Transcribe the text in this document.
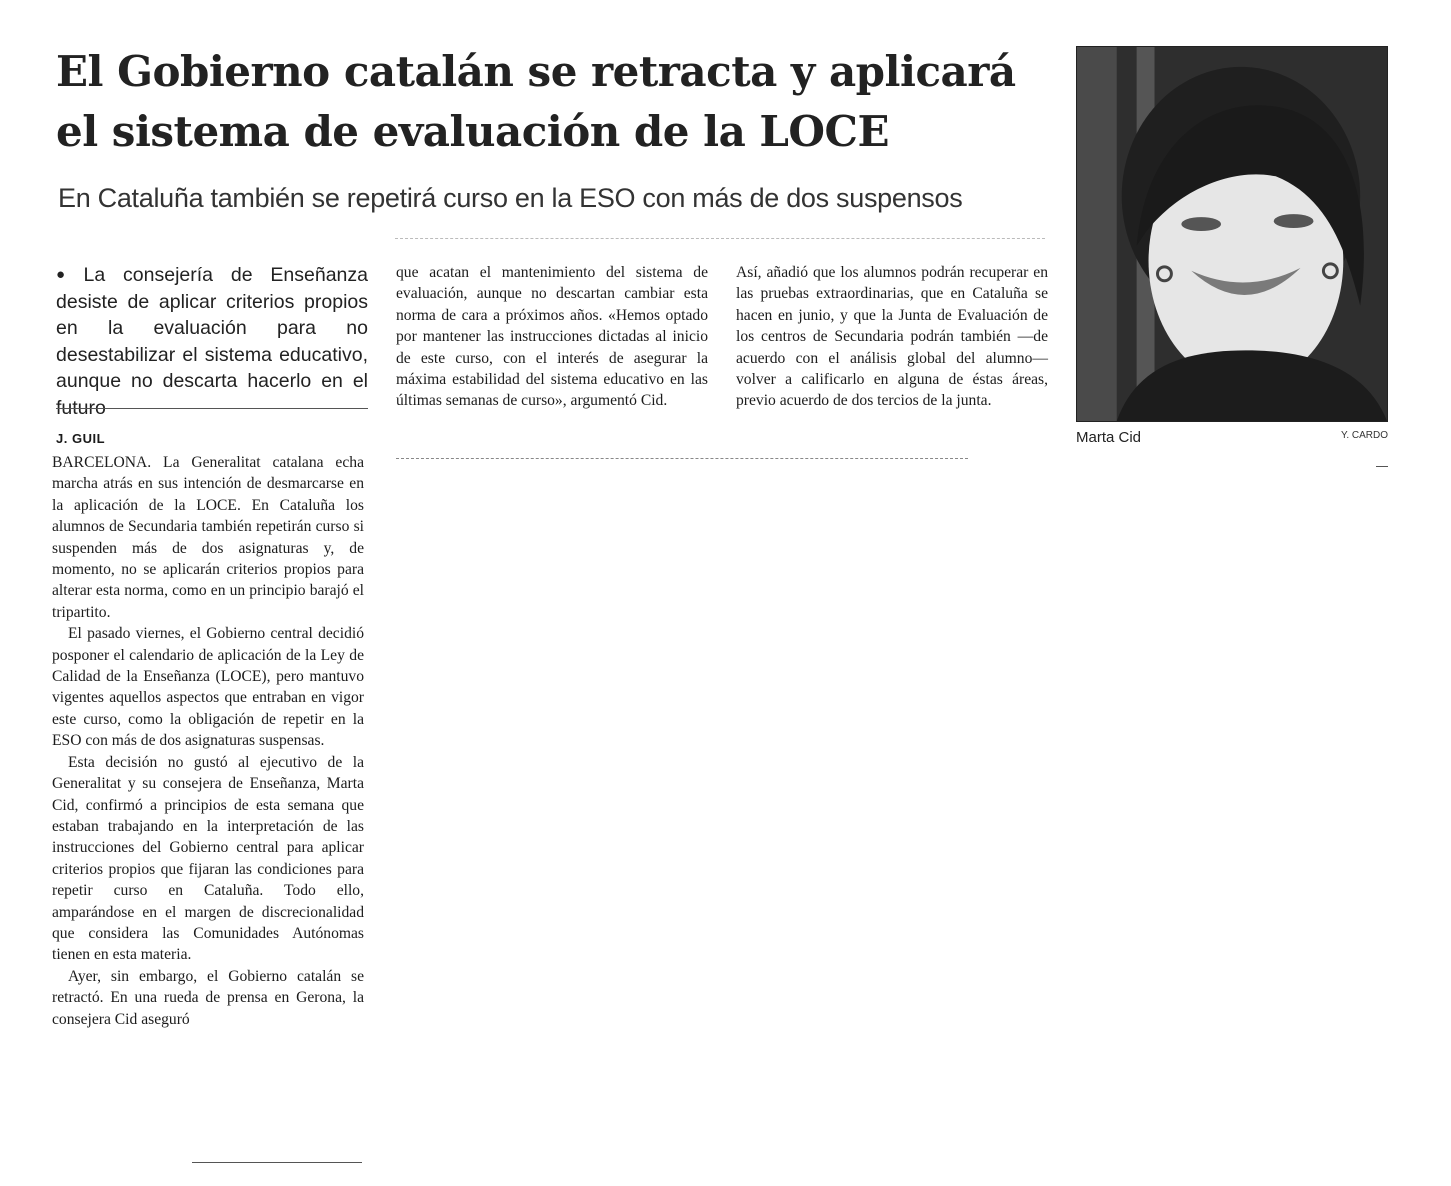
El Gobierno catalán se retracta y aplicará el sistema de evaluación de la LOCE

En Cataluña también se repetirá curso en la ESO con más de dos suspensos

● La consejería de Enseñanza desiste de aplicar criterios propios en la evaluación para no desestabilizar el sistema educativo, aunque no descarta hacerlo en el futuro

J. GUIL

BARCELONA. La Generalitat catalana echa marcha atrás en sus intención de desmarcarse en la aplicación de la LOCE. En Cataluña los alumnos de Secundaria también repetirán curso si suspenden más de dos asignaturas y, de momento, no se aplicarán criterios propios para alterar esta norma, como en un principio barajó el tripartito.

El pasado viernes, el Gobierno central decidió posponer el calendario de aplicación de la Ley de Calidad de la Enseñanza (LOCE), pero mantuvo vigentes aquellos aspectos que entraban en vigor este curso, como la obligación de repetir en la ESO con más de dos asignaturas suspensas.

Esta decisión no gustó al ejecutivo de la Generalitat y su consejera de Enseñanza, Marta Cid, confirmó a principios de esta semana que estaban trabajando en la interpretación de las instrucciones del Gobierno central para aplicar criterios propios que fijaran las condiciones para repetir curso en Cataluña. Todo ello, amparándose en el margen de discrecionalidad que considera las Comunidades Autónomas tienen en esta materia.

Ayer, sin embargo, el Gobierno catalán se retractó. En una rueda de prensa en Gerona, la consejera Cid aseguró

que acatan el mantenimiento del sistema de evaluación, aunque no descartan cambiar esta norma de cara a próximos años. «Hemos optado por mantener las instrucciones dictadas al inicio de este curso, con el interés de asegurar la máxima estabilidad del sistema educativo en las últimas semanas de curso», argumentó Cid.

Así, añadió que los alumnos podrán recuperar en las pruebas extraordinarias, que en Cataluña se hacen en junio, y que la Junta de Evaluación de los centros de Secundaria podrán también —de acuerdo con el análisis global del alumno— volver a calificarlo en alguna de éstas áreas, previo acuerdo de dos tercios de la junta.

Marta Cid	Y. CARDO
